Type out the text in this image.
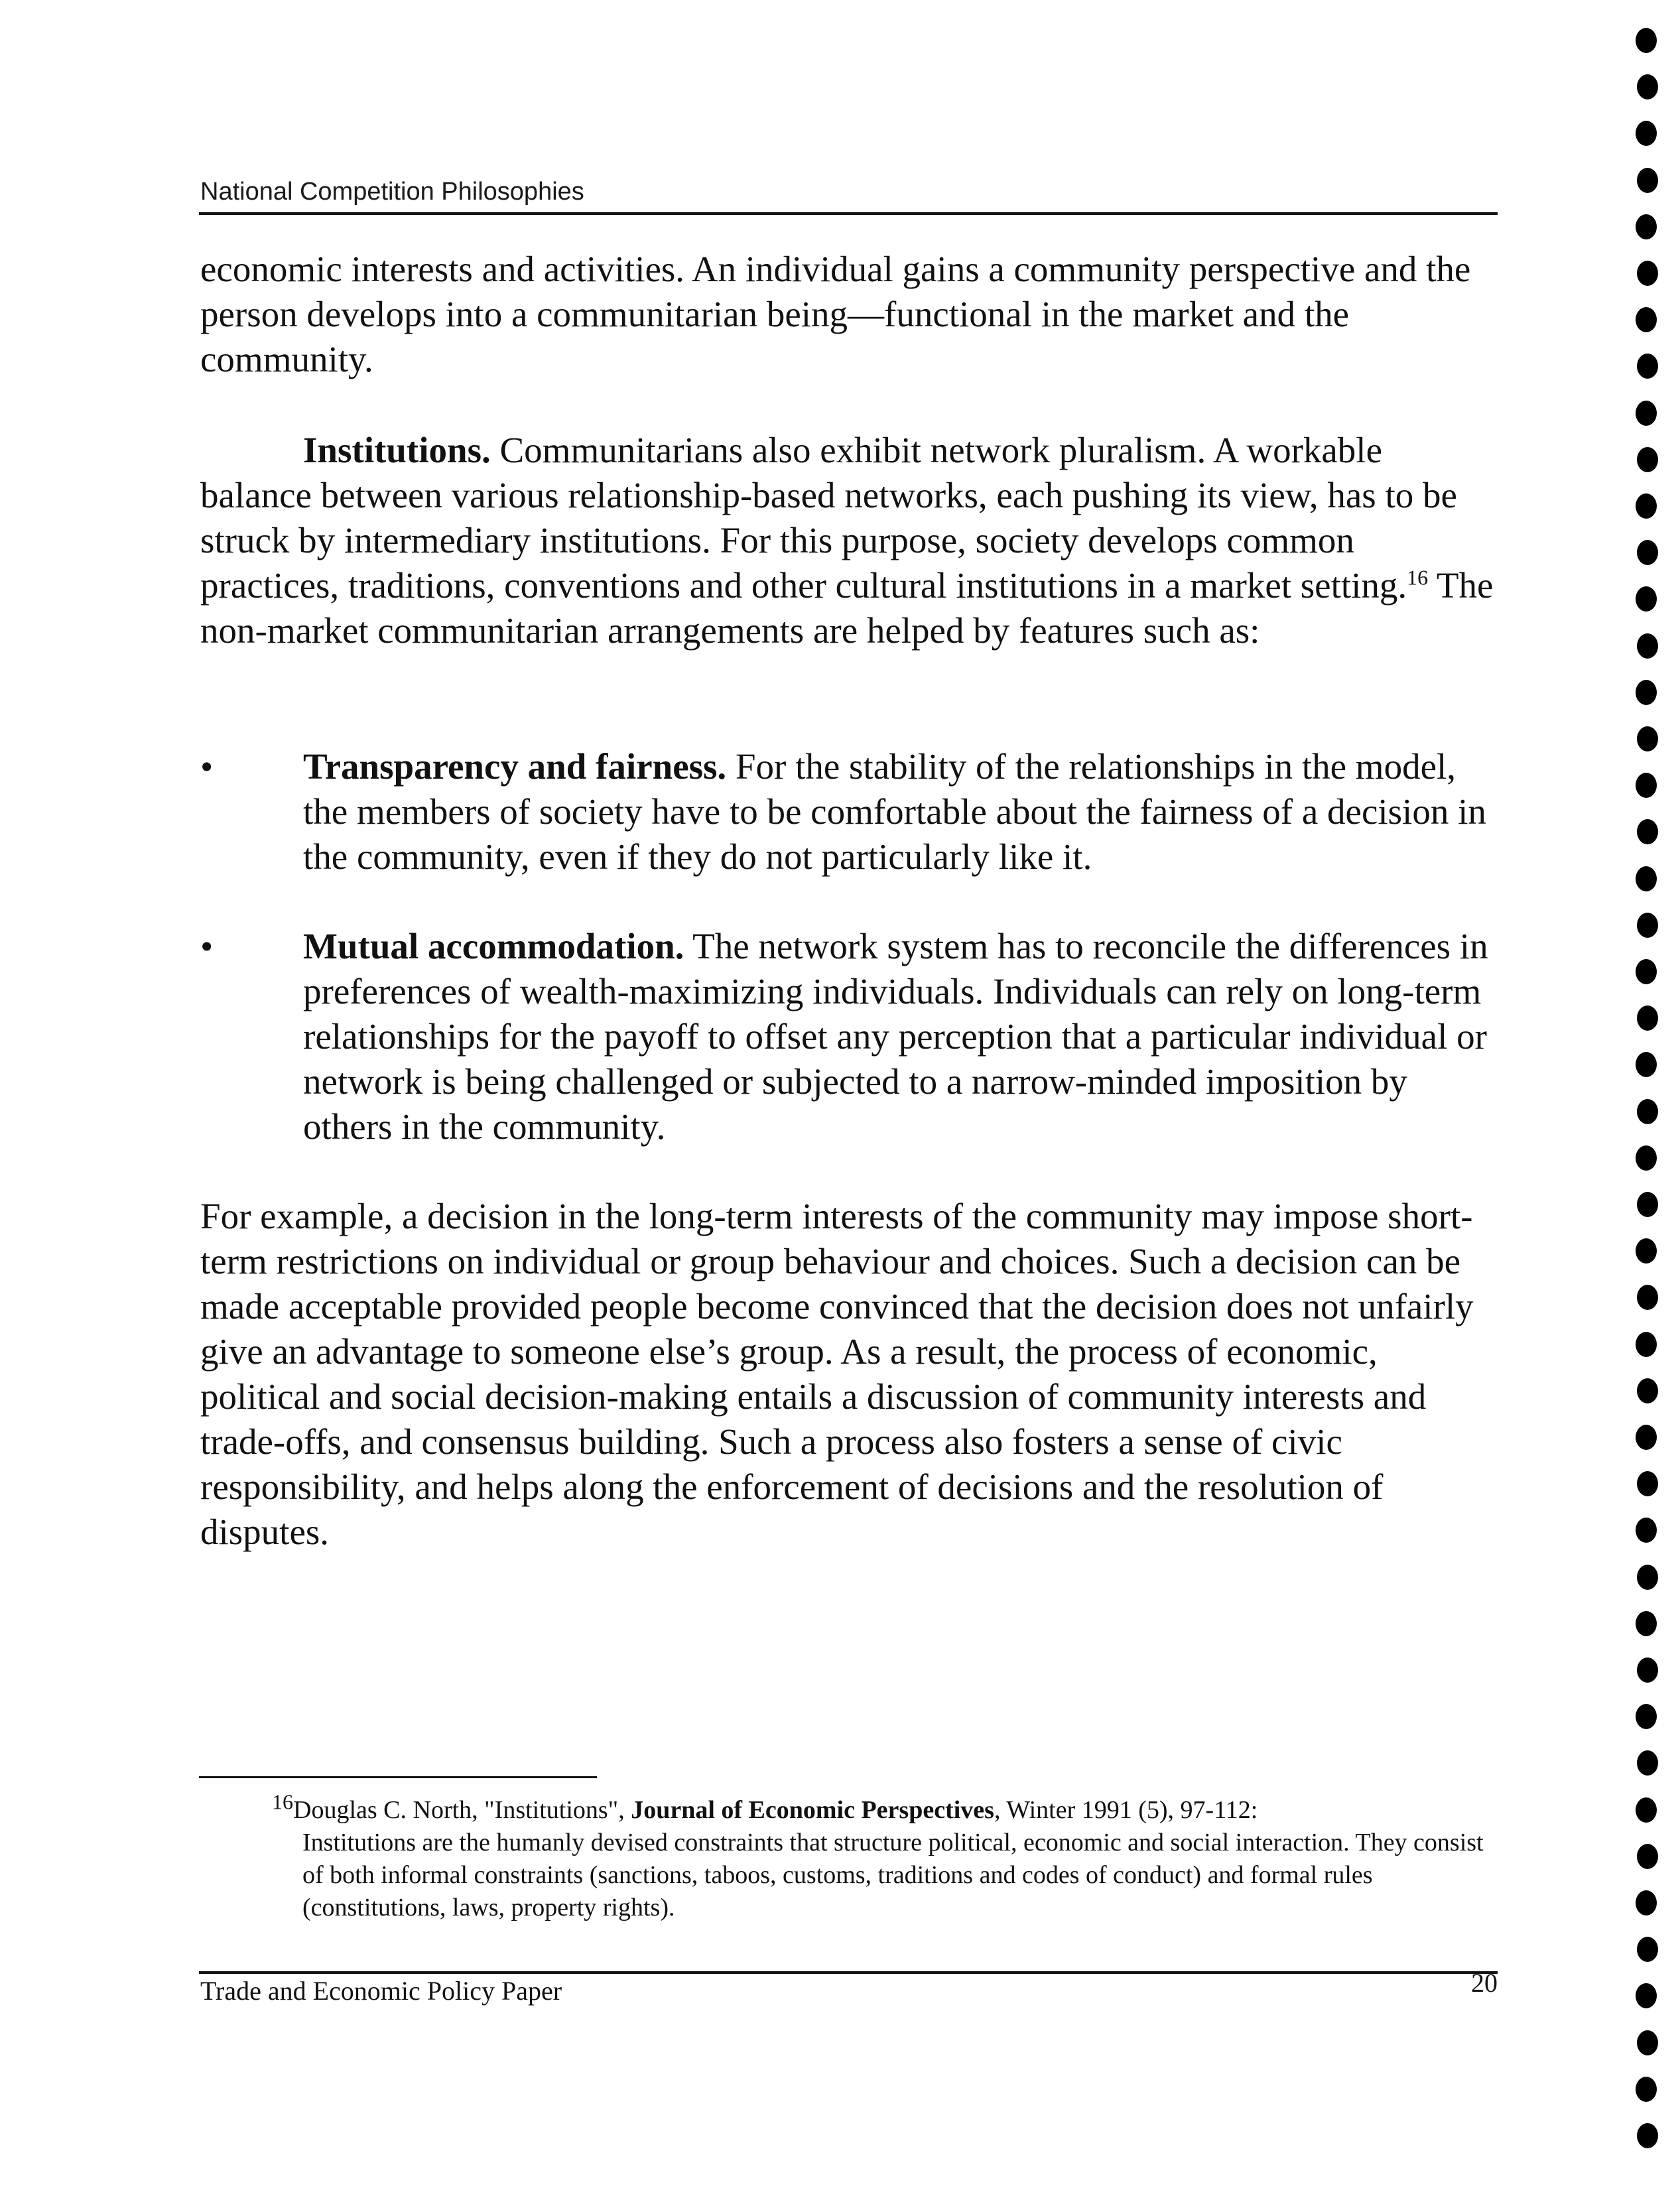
National Competition Philosophies
economic interests and activities. An individual gains a community perspective and the person develops into a communitarian being—functional in the market and the community.
Institutions. Communitarians also exhibit network pluralism. A workable balance between various relationship-based networks, each pushing its view, has to be struck by intermediary institutions. For this purpose, society develops common practices, traditions, conventions and other cultural institutions in a market setting.$^{16}$ The non-market communitarian arrangements are helped by features such as:
• Transparency and fairness. For the stability of the relationships in the model, the members of society have to be comfortable about the fairness of a decision in the community, even if they do not particularly like it.
• Mutual accommodation. The network system has to reconcile the differences in preferences of wealth-maximizing individuals. Individuals can rely on long-term relationships for the payoff to offset any perception that a particular individual or network is being challenged or subjected to a narrow-minded imposition by others in the community.
For example, a decision in the long-term interests of the community may impose short-term restrictions on individual or group behaviour and choices. Such a decision can be made acceptable provided people become convinced that the decision does not unfairly give an advantage to someone else’s group. As a result, the process of economic, political and social decision-making entails a discussion of community interests and trade-offs, and consensus building. Such a process also fosters a sense of civic responsibility, and helps along the enforcement of decisions and the resolution of disputes.
$^{16}$Douglas C. North, "Institutions", Journal of Economic Perspectives, Winter 1991 (5), 97-112:
Institutions are the humanly devised constraints that structure political, economic and social interaction. They consist of both informal constraints (sanctions, taboos, customs, traditions and codes of conduct) and formal rules (constitutions, laws, property rights).
Trade and Economic Policy Paper	20
